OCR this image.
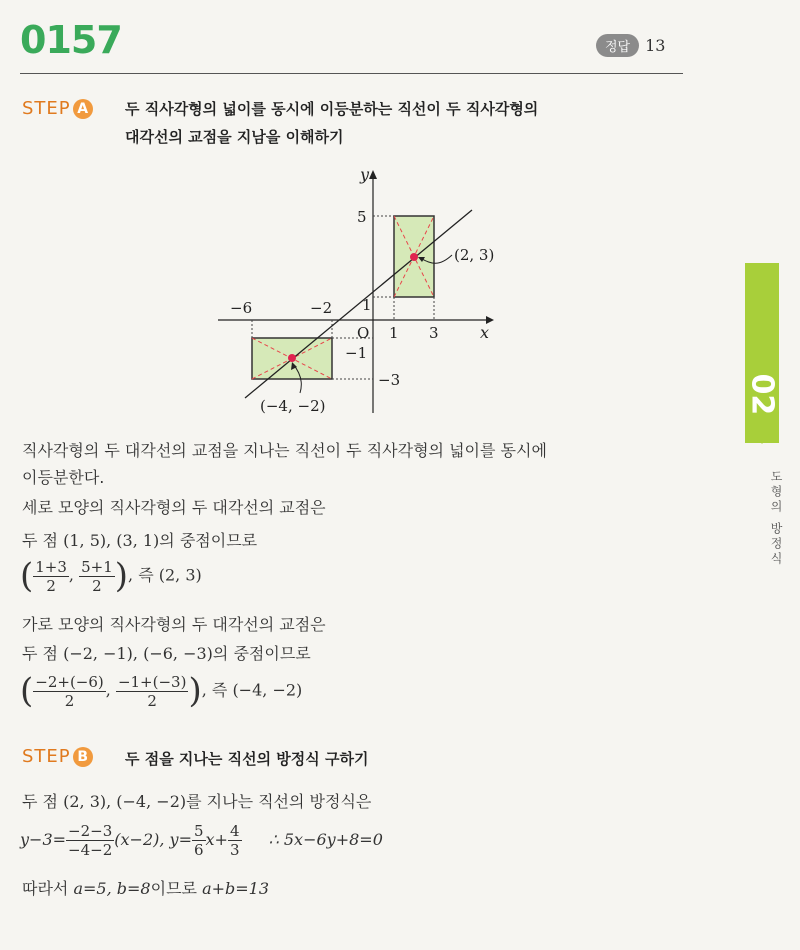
0157	정답 13
02
도형의 방정식
STEP A	두 직사각형의 넓이를 동시에 이등분하는 직선이 두 직사각형의
대각선의 교점을 지남을 이해하기
y
x
O
5
1
−1
−3
−6	−2
1 3
(2, 3)
(−4, −2)
직사각형의 두 대각선의 교점을 지나는 직선이 두 직사각형의 넓이를 동시에
이등분한다.
세로 모양의 직사각형의 두 대각선의 교점은
두 점 (1, 5), (3, 1)의 중점이므로
( $\frac{1+3}{2}$ , $\frac{5+1}{2}$ ), 즉 (2, 3)
가로 모양의 직사각형의 두 대각선의 교점은
두 점 (−2, −1), (−6, −3)의 중점이므로
( $\frac{-2+(-6)}{2}$ , $\frac{-1+(-3)}{2}$ ), 즉 (−4, −2)
STEP B	두 점을 지나는 직선의 방정식 구하기
두 점 (2, 3), (−4, −2)를 지나는 직선의 방정식은
$y-3= \frac{-2-3}{-4-2} (x-2)$, $y= \frac{5}{6} x+ \frac{4}{3}$ ∴ 5x−6y+8=0
따라서 a=5, b=8이므로 a+b=13
